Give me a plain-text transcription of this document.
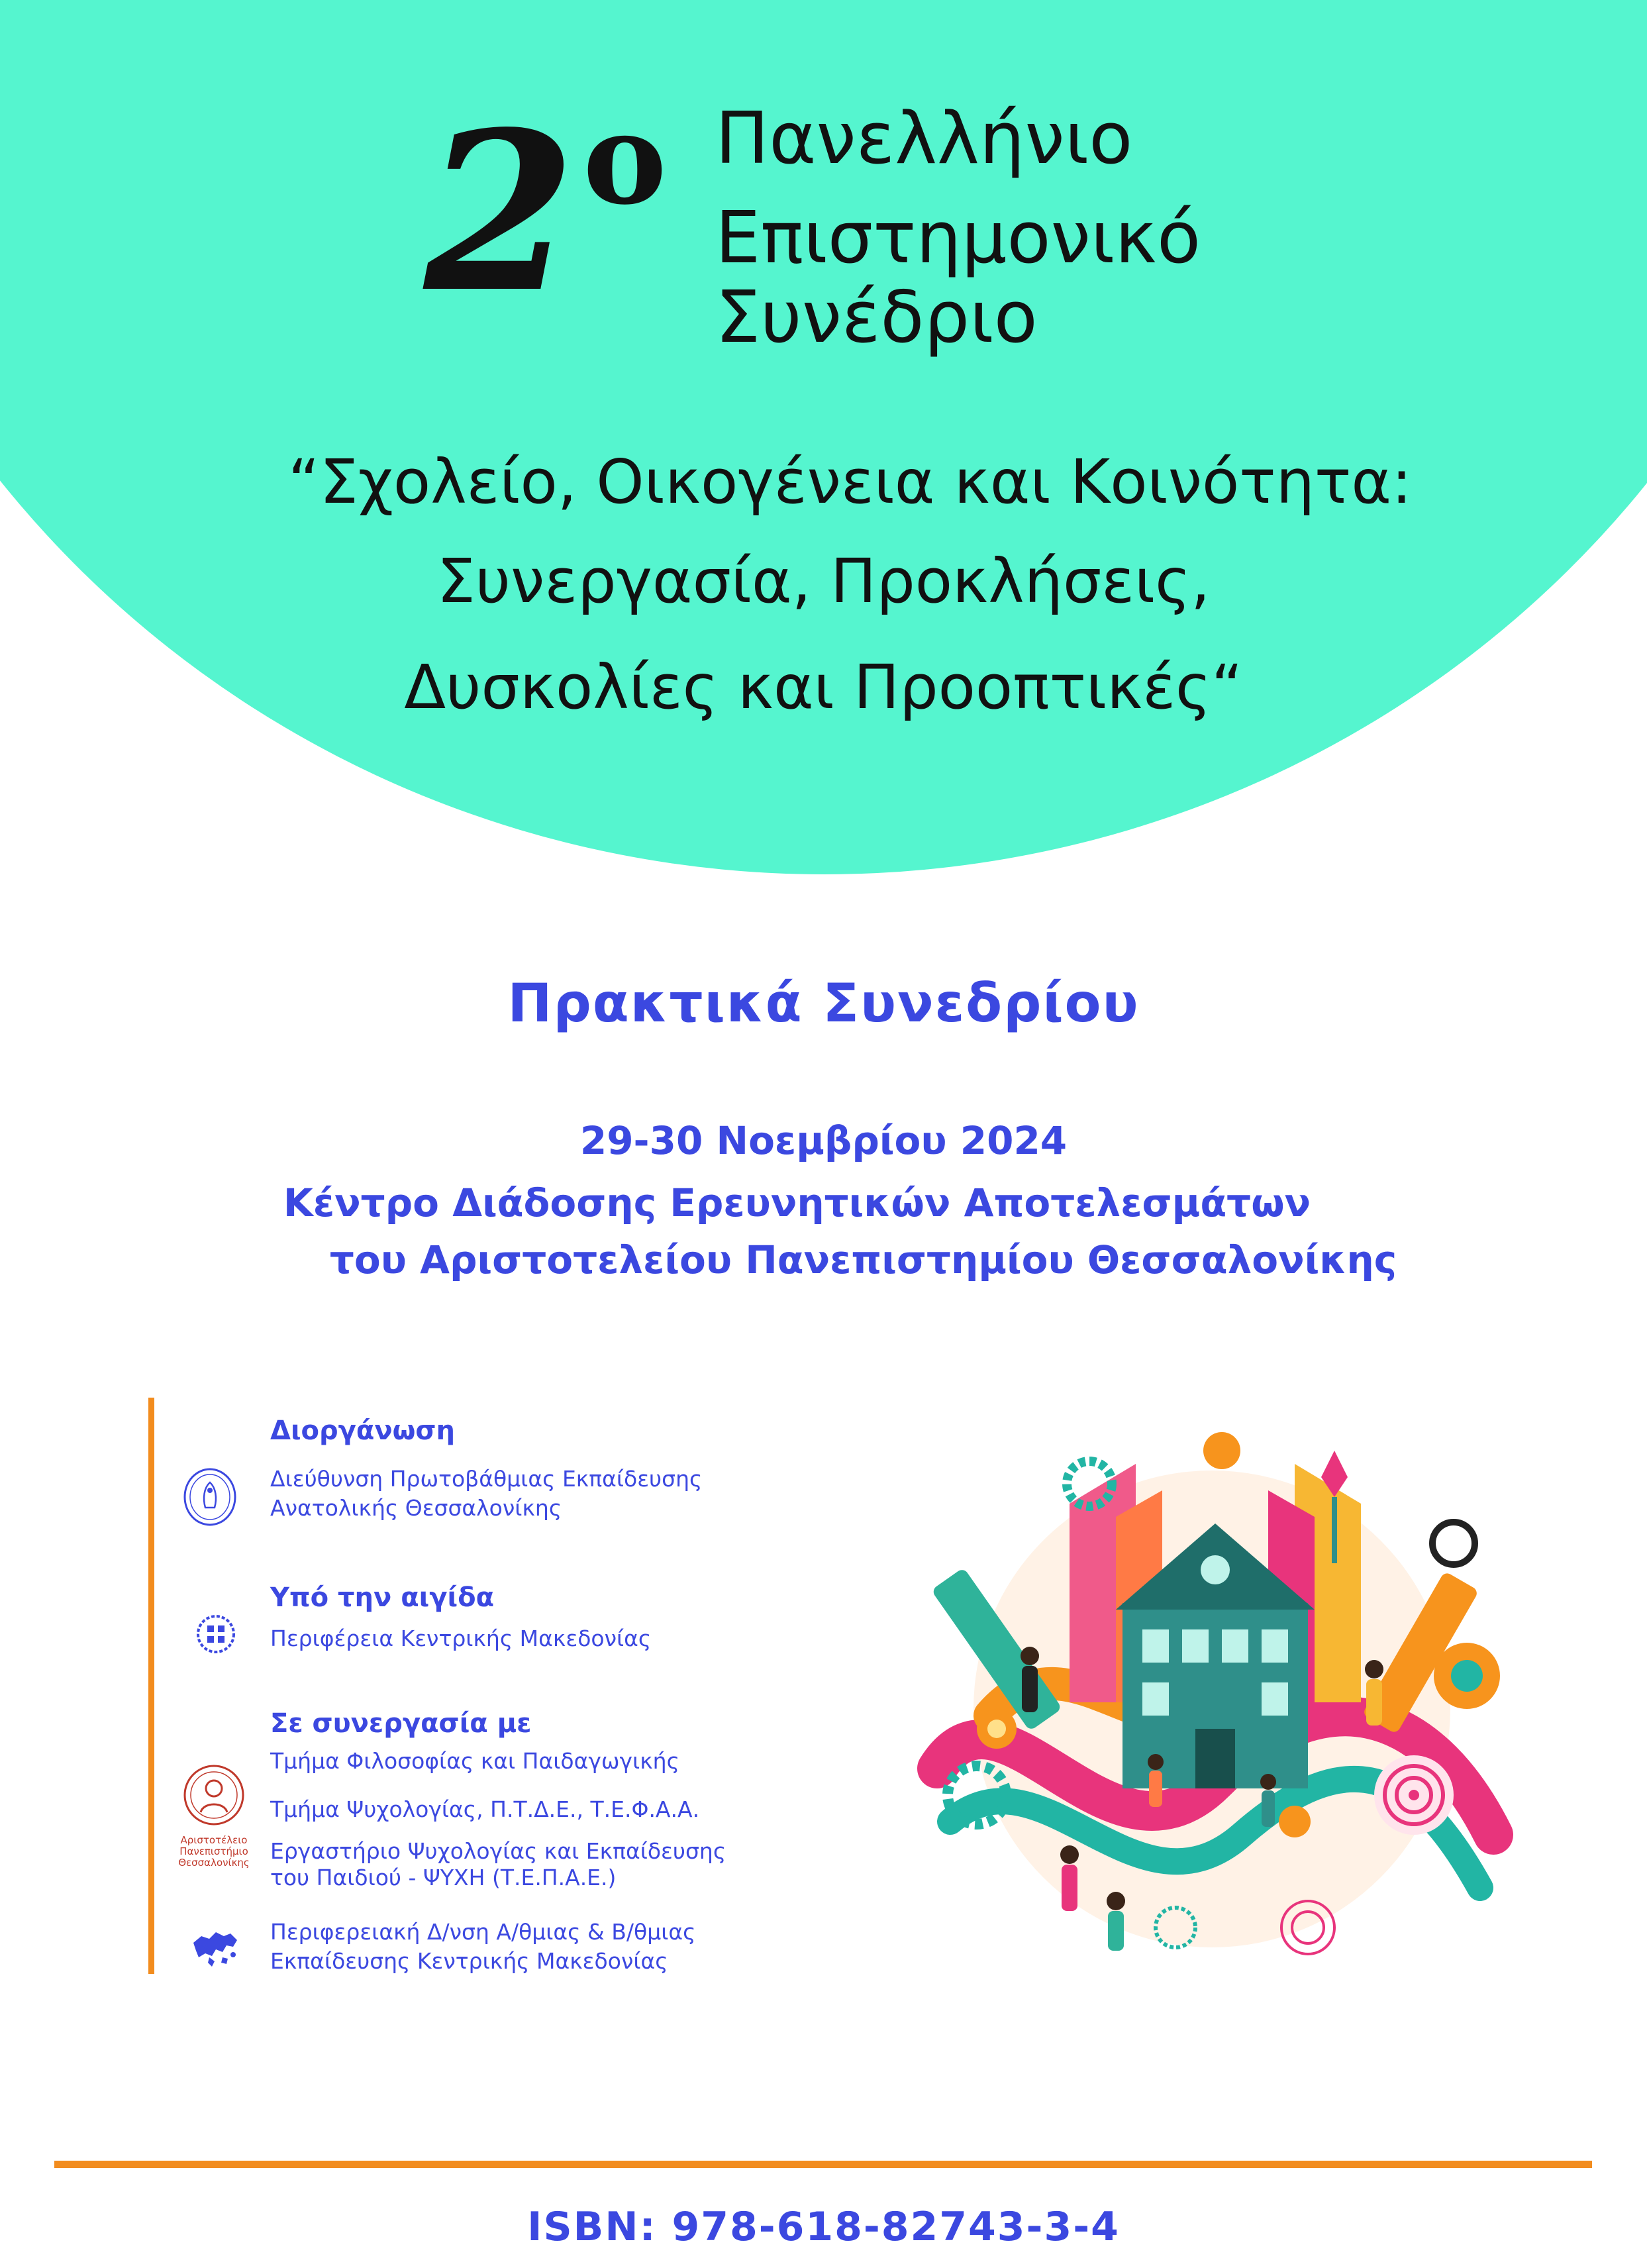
2 ο Πανελλήνιο
Επιστημονικό
Συνέδριο
“Σχολείο, Οικογένεια και Κοινότητα:
Συνεργασία, Προκλήσεις,
Δυσκολίες και Προοπτικές“
Πρακτικά Συνεδρίου
29-30 Νοεμβρίου 2024
Κέντρο Διάδοσης Ερευνητικών Αποτελεσμάτων
του Αριστοτελείου Πανεπιστημίου Θεσσαλονίκης
Διοργάνωση
Διεύθυνση Πρωτοβάθμιας Εκπαίδευσης
Ανατολικής Θεσσαλονίκης
Υπό την αιγίδα
Περιφέρεια Κεντρικής Μακεδονίας
Σε συνεργασία με
Τμήμα Φιλοσοφίας και Παιδαγωγικής
Τμήμα Ψυχολογίας, Π.Τ.Δ.Ε., Τ.Ε.Φ.Α.Α.
Εργαστήριο Ψυχολογίας και Εκπαίδευσης
του Παιδιού - ΨΥΧΗ (Τ.Ε.Π.Α.Ε.)
Αριστοτέλειο
Πανεπιστήμιο
Θεσσαλονίκης
Περιφερειακή Δ/νση Α/θμιας & Β/θμιας
Εκπαίδευσης Κεντρικής Μακεδονίας
ISBN: 978-618-82743-3-4
